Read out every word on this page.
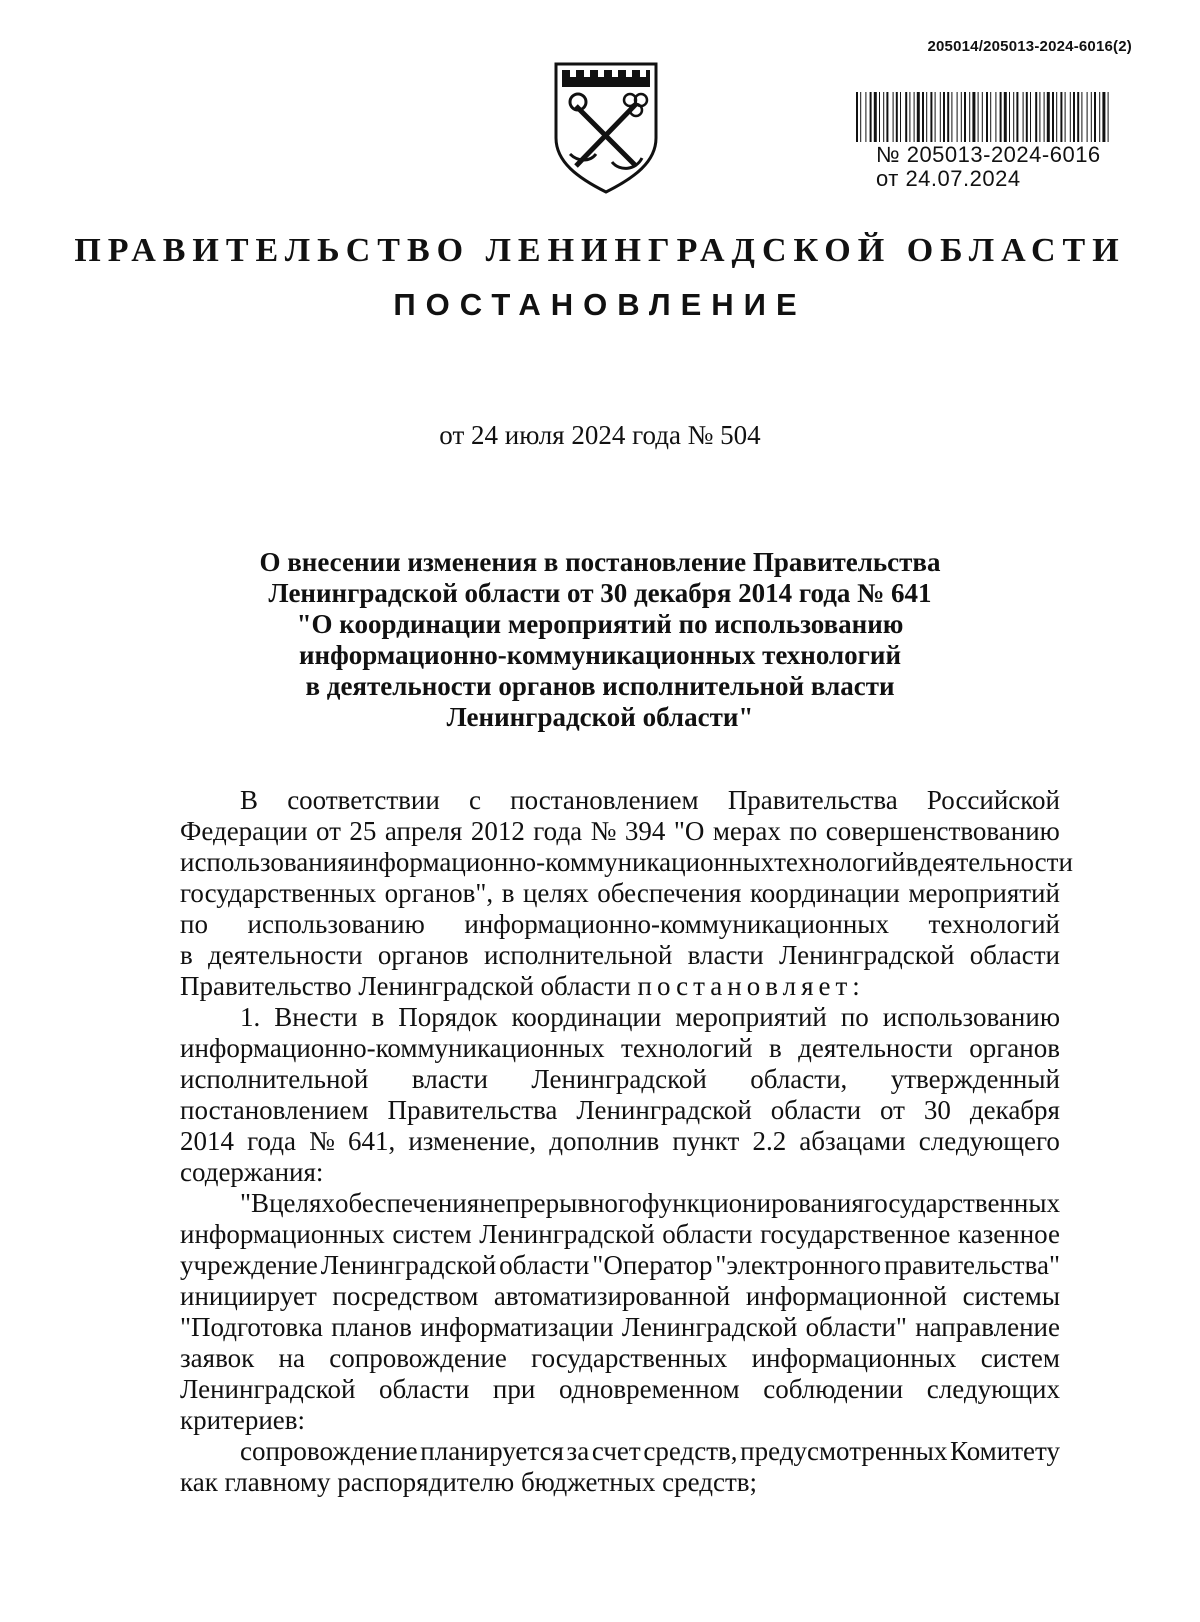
205014/205013-2024-6016(2)
№ 205013-2024-6016
от 24.07.2024
ПРАВИТЕЛЬСТВО ЛЕНИНГРАДСКОЙ ОБЛАСТИ
ПОСТАНОВЛЕНИЕ
от 24 июля 2024 года № 504
О внесении изменения в постановление Правительства
Ленинградской области от 30 декабря 2014 года № 641
"О координации мероприятий по использованию
информационно-коммуникационных технологий
в деятельности органов исполнительной власти
Ленинградской области"
В соответствии с постановлением Правительства Российской
Федерации от 25 апреля 2012 года № 394 "О мерах по совершенствованию
использования информационно-коммуникационных технологий в деятельности
государственных органов", в целях обеспечения координации мероприятий
по использованию информационно-коммуникационных технологий
в деятельности органов исполнительной власти Ленинградской области
Правительство Ленинградской области постановляет:
1. Внести в Порядок координации мероприятий по использованию
информационно-коммуникационных технологий в деятельности органов
исполнительной власти Ленинградской области, утвержденный
постановлением Правительства Ленинградской области от 30 декабря
2014 года № 641, изменение, дополнив пункт 2.2 абзацами следующего
содержания:
"В целях обеспечения непрерывного функционирования государственных
информационных систем Ленинградской области государственное казенное
учреждение Ленинградской области "Оператор "электронного правительства"
инициирует посредством автоматизированной информационной системы
"Подготовка планов информатизации Ленинградской области" направление
заявок на сопровождение государственных информационных систем
Ленинградской области при одновременном соблюдении следующих
критериев:
сопровождение планируется за счет средств, предусмотренных Комитету
как главному распорядителю бюджетных средств;
